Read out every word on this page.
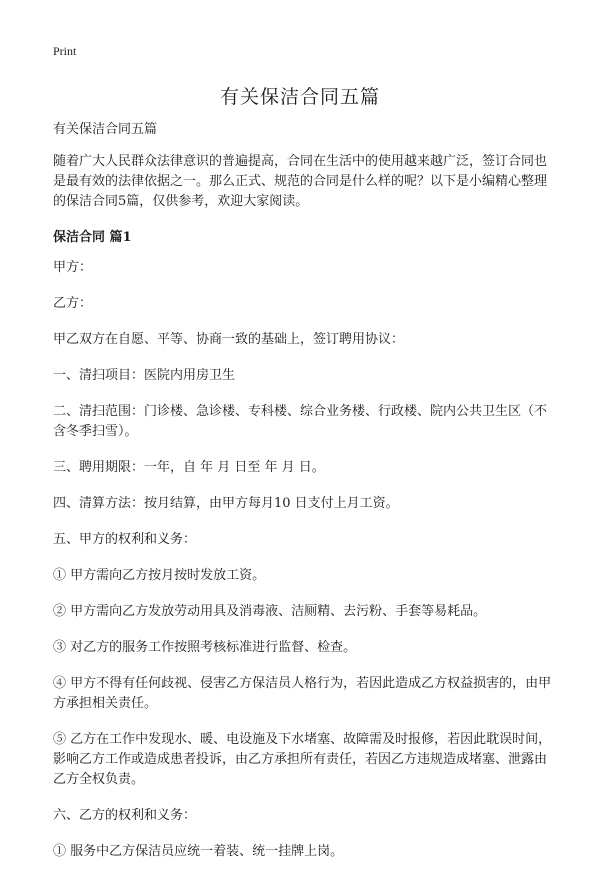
Print
有关保洁合同五篇

有关保洁合同五篇

随着广大人民群众法律意识的普遍提高，合同在生活中的使用越来越广泛，签订合同也是最有效的法律依据之一。那么正式、规范的合同是什么样的呢？以下是小编精心整理的保洁合同5篇，仅供参考，欢迎大家阅读。

保洁合同 篇1

甲方：

乙方：

甲乙双方在自愿、平等、协商一致的基础上，签订聘用协议：

一、清扫项目：医院内用房卫生

二、清扫范围：门诊楼、急诊楼、专科楼、综合业务楼、行政楼、院内公共卫生区（不含冬季扫雪）。

三、聘用期限：一年，自 年 月 日至 年 月 日。

四、清算方法：按月结算，由甲方每月10 日支付上月工资。

五、甲方的权利和义务：

① 甲方需向乙方按月按时发放工资。

② 甲方需向乙方发放劳动用具及消毒液、洁厕精、去污粉、手套等易耗品。

③ 对乙方的服务工作按照考核标准进行监督、检查。

④ 甲方不得有任何歧视、侵害乙方保洁员人格行为，若因此造成乙方权益损害的，由甲方承担相关责任。

⑤ 乙方在工作中发现水、暖、电设施及下水堵塞、故障需及时报修，若因此耽误时间，影响乙方工作或造成患者投诉，由乙方承担所有责任，若因乙方违规造成堵塞、泄露由乙方全权负责。

六、乙方的权利和义务：

① 服务中乙方保洁员应统一着装、统一挂牌上岗。
